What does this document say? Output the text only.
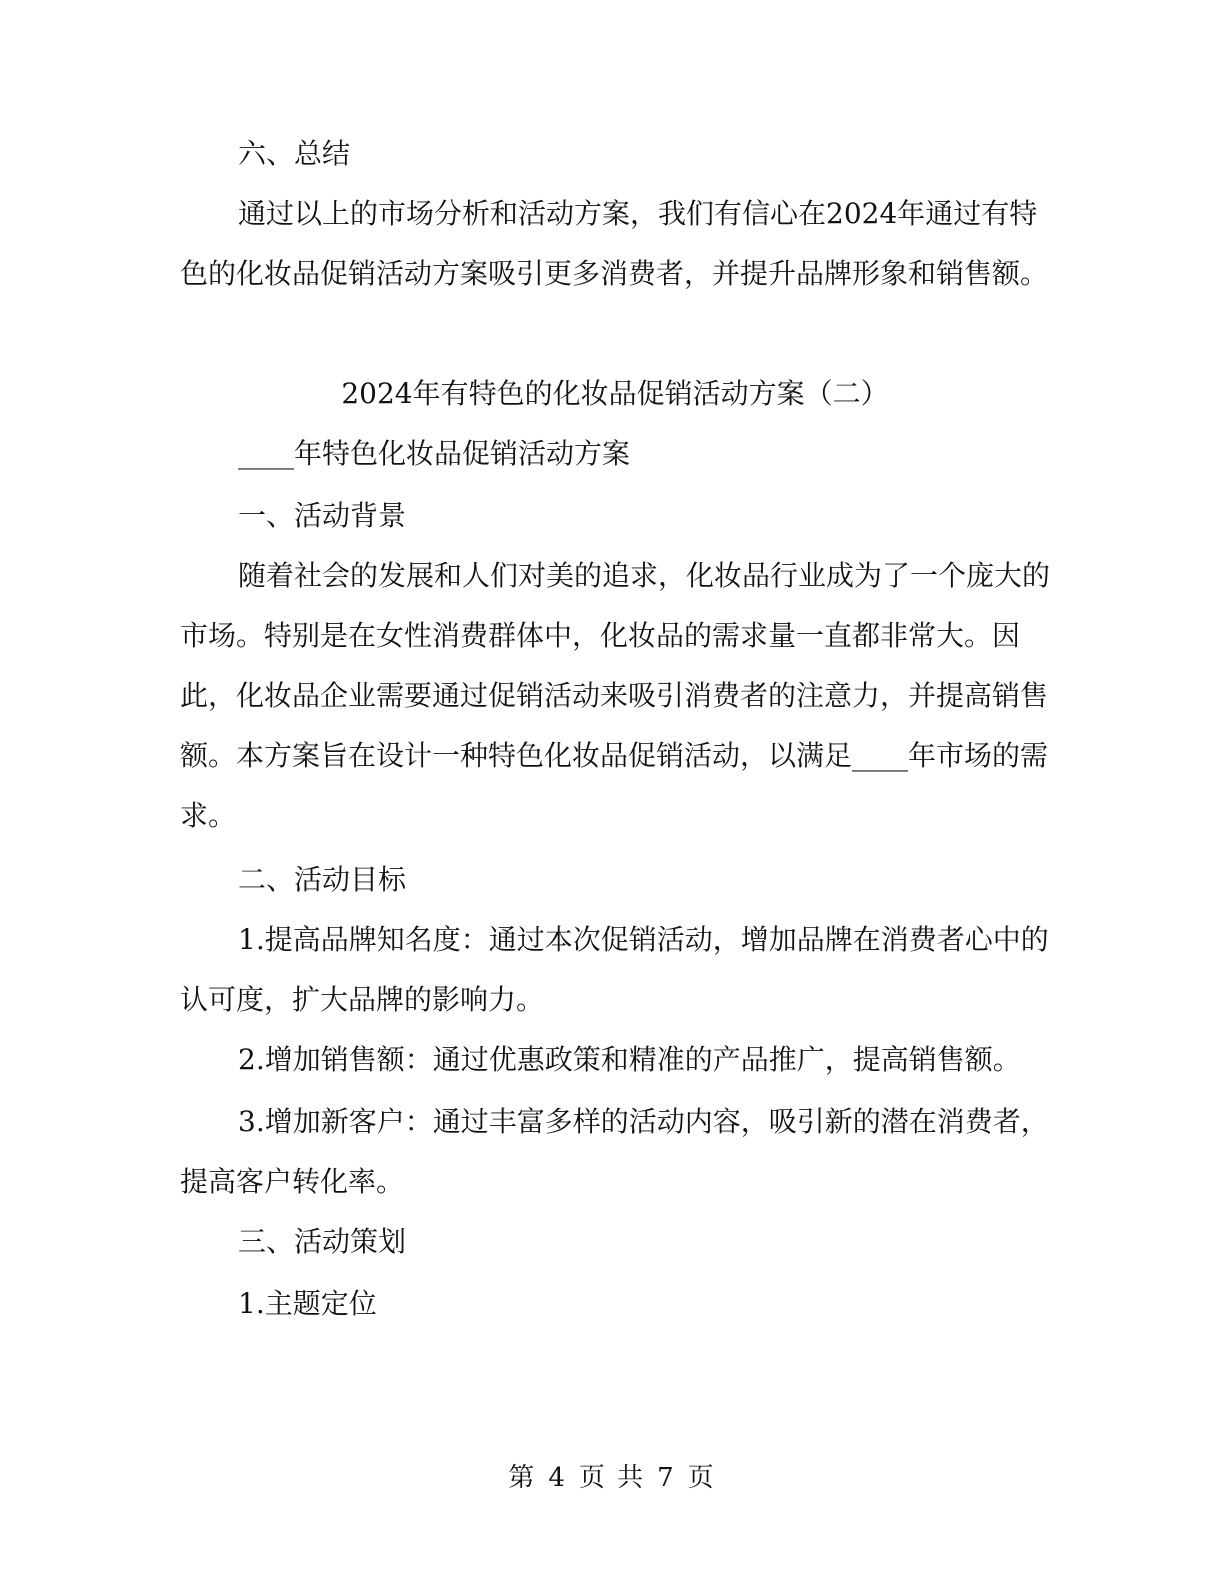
六、总结

通过以上的市场分析和活动方案，我们有信心在2024年通过有特色的化妆品促销活动方案吸引更多消费者，并提升品牌形象和销售额。

2024年有特色的化妆品促销活动方案（二）

____年特色化妆品促销活动方案

一、活动背景

随着社会的发展和人们对美的追求，化妆品行业成为了一个庞大的市场。特别是在女性消费群体中，化妆品的需求量一直都非常大。因此，化妆品企业需要通过促销活动来吸引消费者的注意力，并提高销售额。本方案旨在设计一种特色化妆品促销活动，以满足____年市场的需求。

二、活动目标

1.提高品牌知名度：通过本次促销活动，增加品牌在消费者心中的认可度，扩大品牌的影响力。

2.增加销售额：通过优惠政策和精准的产品推广，提高销售额。

3.增加新客户：通过丰富多样的活动内容，吸引新的潜在消费者，提高客户转化率。

三、活动策划

1.主题定位

第 4 页 共 7 页
